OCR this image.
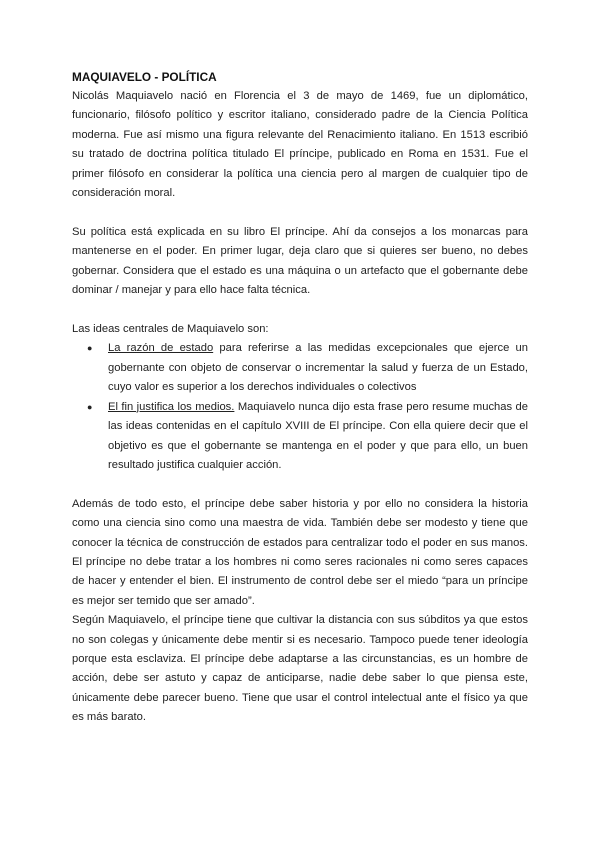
MAQUIAVELO - POLÍTICA

Nicolás Maquiavelo nació en Florencia el 3 de mayo de 1469, fue un diplomático, funcionario, filósofo político y escritor italiano, considerado padre de la Ciencia Política moderna. Fue así mismo una figura relevante del Renacimiento italiano. En 1513 escribió su tratado de doctrina política titulado El príncipe, publicado en Roma en 1531. Fue el primer filósofo en considerar la política una ciencia pero al margen de cualquier tipo de consideración moral.

Su política está explicada en su libro El príncipe. Ahí da consejos a los monarcas para mantenerse en el poder. En primer lugar, deja claro que si quieres ser bueno, no debes gobernar. Considera que el estado es una máquina o un artefacto que el gobernante debe dominar / manejar y para ello hace falta técnica.

Las ideas centrales de Maquiavelo son:

● La razón de estado para referirse a las medidas excepcionales que ejerce un gobernante con objeto de conservar o incrementar la salud y fuerza de un Estado, cuyo valor es superior a los derechos individuales o colectivos
● El fin justifica los medios. Maquiavelo nunca dijo esta frase pero resume muchas de las ideas contenidas en el capítulo XVIII de El príncipe. Con ella quiere decir que el objetivo es que el gobernante se mantenga en el poder y que para ello, un buen resultado justifica cualquier acción.

Además de todo esto, el príncipe debe saber historia y por ello no considera la historia como una ciencia sino como una maestra de vida. También debe ser modesto y tiene que conocer la técnica de construcción de estados para centralizar todo el poder en sus manos. El príncipe no debe tratar a los hombres ni como seres racionales ni como seres capaces de hacer y entender el bien. El instrumento de control debe ser el miedo “para un príncipe es mejor ser temido que ser amado”.

Según Maquiavelo, el príncipe tiene que cultivar la distancia con sus súbditos ya que estos no son colegas y únicamente debe mentir si es necesario. Tampoco puede tener ideología porque esta esclaviza. El príncipe debe adaptarse a las circunstancias, es un hombre de acción, debe ser astuto y capaz de anticiparse, nadie debe saber lo que piensa este, únicamente debe parecer bueno. Tiene que usar el control intelectual ante el físico ya que es más barato.
